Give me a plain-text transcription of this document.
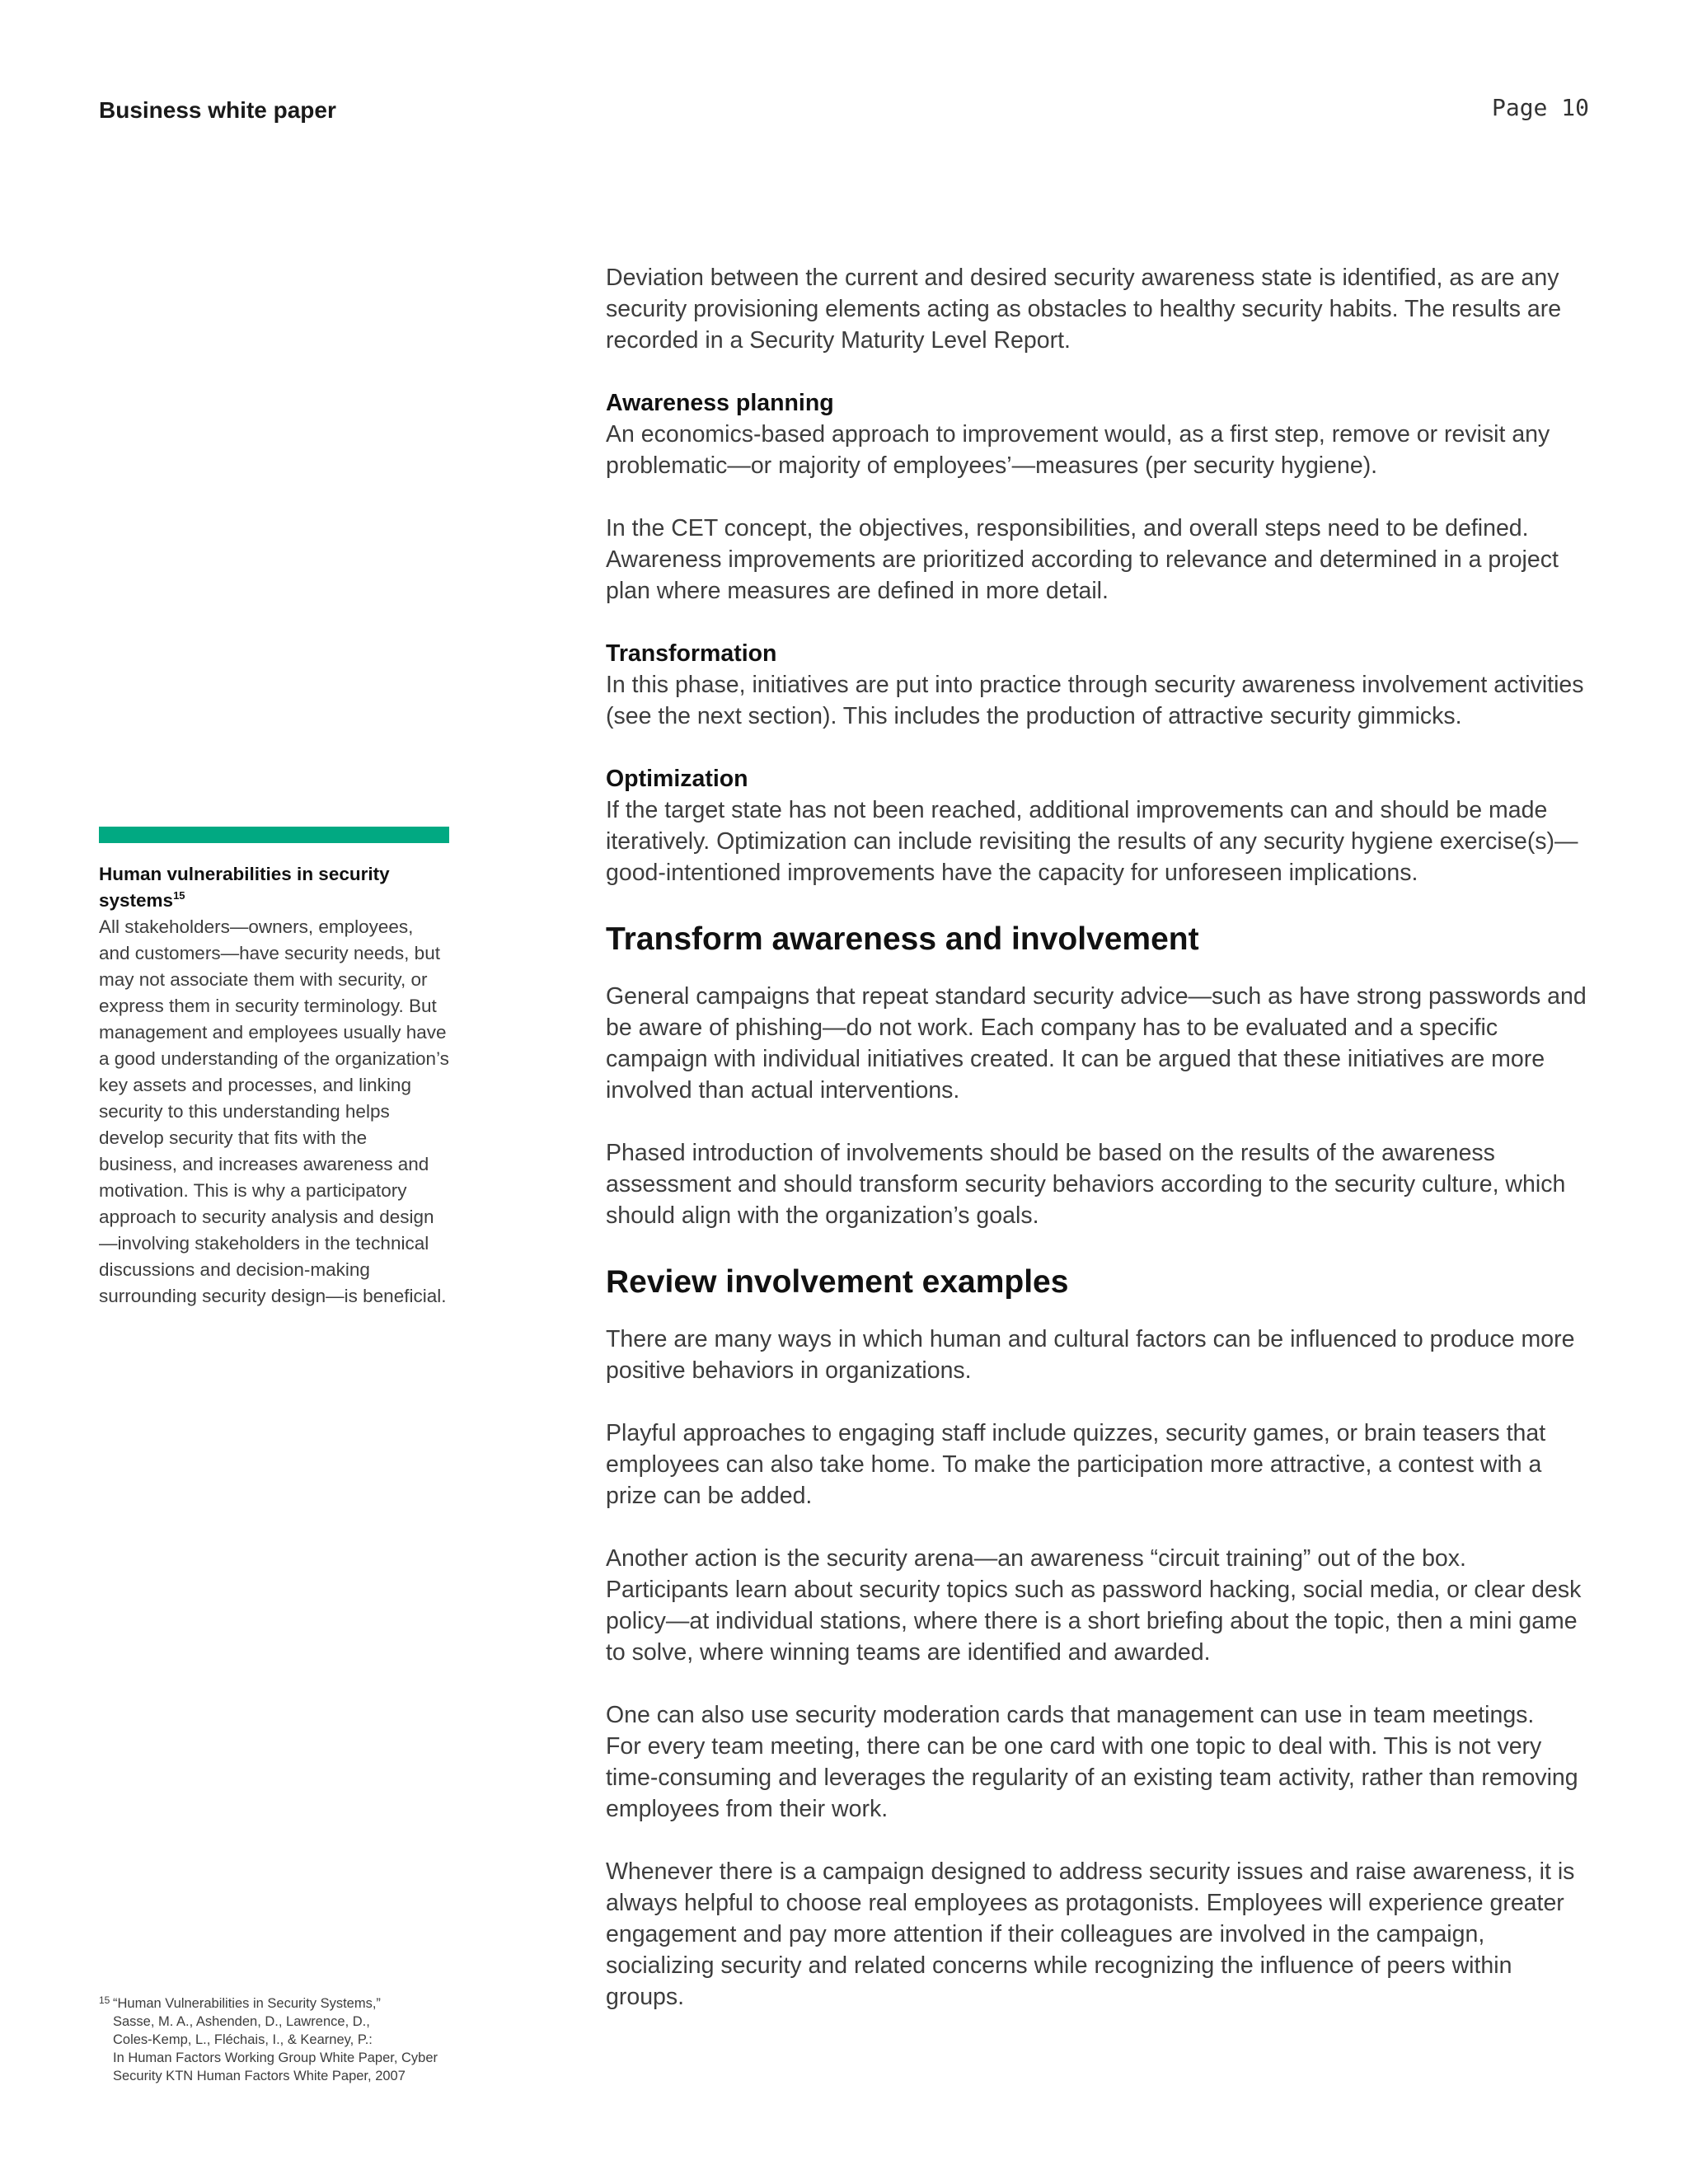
Business white paper	Page 10
Human vulnerabilities in security systems$^{15}$
All stakeholders—owners, employees, and customers—have security needs, but may not associate them with security, or express them in security terminology. But management and employees usually have a good understanding of the organization’s key assets and processes, and linking security to this understanding helps develop security that fits with the business, and increases awareness and motivation. This is why a participatory approach to security analysis and design—involving stakeholders in the technical discussions and decision-making surrounding security design—is beneficial.
15 “Human Vulnerabilities in Security Systems,”
Sasse, M. A., Ashenden, D., Lawrence, D.,
Coles-Kemp, L., Fléchais, I., & Kearney, P.:
In Human Factors Working Group White Paper, Cyber
Security KTN Human Factors White Paper, 2007

Deviation between the current and desired security awareness state is identified, as are any security provisioning elements acting as obstacles to healthy security habits. The results are recorded in a Security Maturity Level Report.

Awareness planning
An economics-based approach to improvement would, as a first step, remove or revisit any problematic—or majority of employees’—measures (per security hygiene).

In the CET concept, the objectives, responsibilities, and overall steps need to be defined. Awareness improvements are prioritized according to relevance and determined in a project plan where measures are defined in more detail.

Transformation
In this phase, initiatives are put into practice through security awareness involvement activities (see the next section). This includes the production of attractive security gimmicks.

Optimization
If the target state has not been reached, additional improvements can and should be made iteratively. Optimization can include revisiting the results of any security hygiene exercise(s)—good-intentioned improvements have the capacity for unforeseen implications.

Transform awareness and involvement

General campaigns that repeat standard security advice—such as have strong passwords and be aware of phishing—do not work. Each company has to be evaluated and a specific campaign with individual initiatives created. It can be argued that these initiatives are more involved than actual interventions.

Phased introduction of involvements should be based on the results of the awareness assessment and should transform security behaviors according to the security culture, which should align with the organization’s goals.

Review involvement examples

There are many ways in which human and cultural factors can be influenced to produce more positive behaviors in organizations.

Playful approaches to engaging staff include quizzes, security games, or brain teasers that employees can also take home. To make the participation more attractive, a contest with a prize can be added.

Another action is the security arena—an awareness “circuit training” out of the box. Participants learn about security topics such as password hacking, social media, or clear desk policy—at individual stations, where there is a short briefing about the topic, then a mini game to solve, where winning teams are identified and awarded.

One can also use security moderation cards that management can use in team meetings.
For every team meeting, there can be one card with one topic to deal with. This is not very time-consuming and leverages the regularity of an existing team activity, rather than removing employees from their work.

Whenever there is a campaign designed to address security issues and raise awareness, it is always helpful to choose real employees as protagonists. Employees will experience greater engagement and pay more attention if their colleagues are involved in the campaign, socializing security and related concerns while recognizing the influence of peers within groups.
